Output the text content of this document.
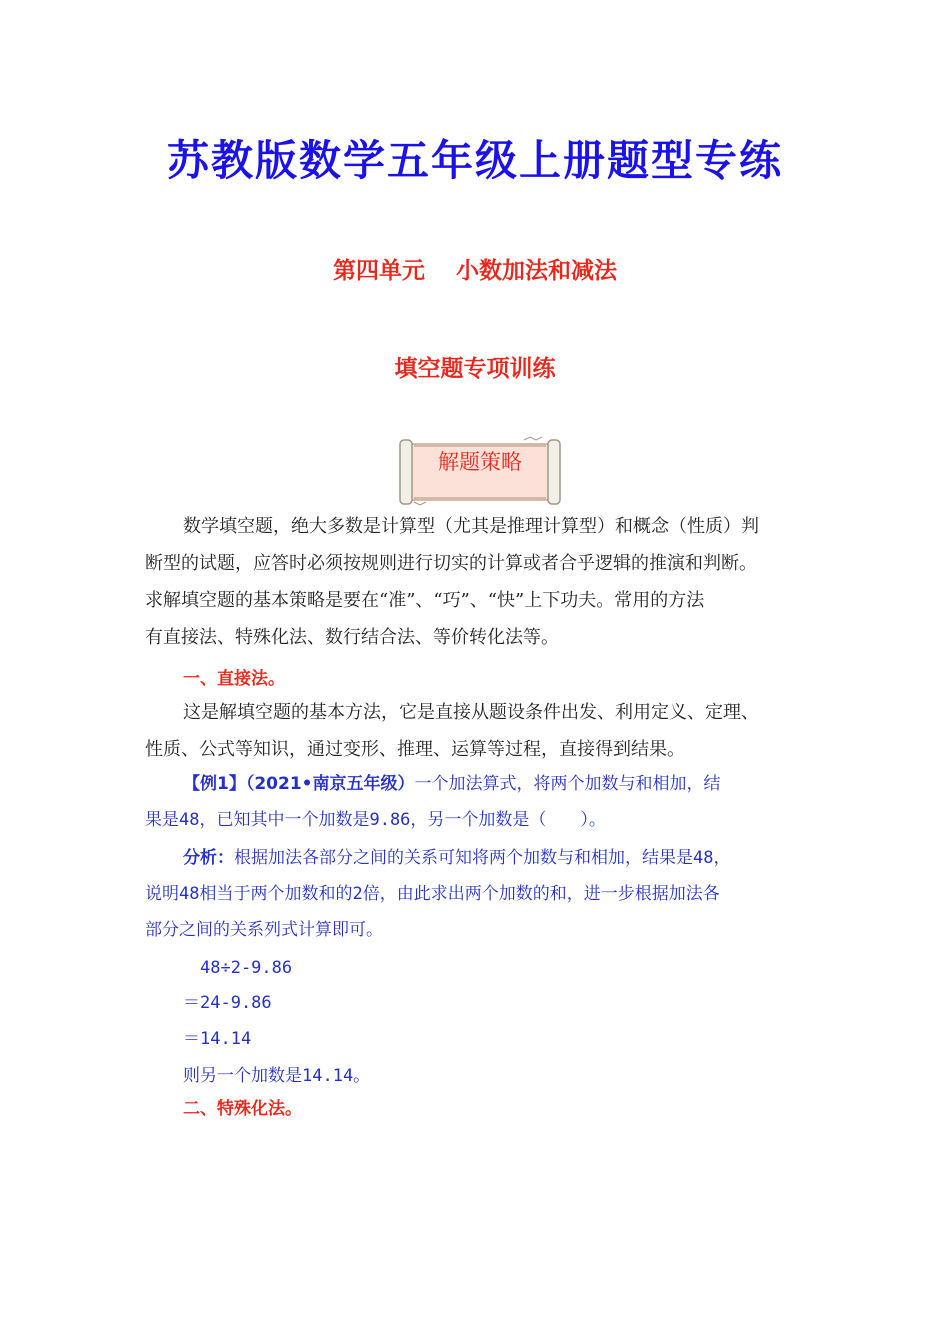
苏教版数学五年级上册题型专练
第四单元　 小数加法和减法
填空题专项训练
解题策略
数学填空题，绝大多数是计算型（尤其是推理计算型）和概念（性质）判
断型的试题，应答时必须按规则进行切实的计算或者合乎逻辑的推演和判断。
求解填空题的基本策略是要在“准”、“巧”、“快”上下功夫。常用的方法
有直接法、特殊化法、数行结合法、等价转化法等。
一、直接法。
这是解填空题的基本方法，它是直接从题设条件出发、利用定义、定理、
性质、公式等知识，通过变形、推理、运算等过程，直接得到结果。
【例1】（2021•南京五年级）一个加法算式，将两个加数与和相加，结
果是48，已知其中一个加数是9.86，另一个加数是（　　）。
分析：根据加法各部分之间的关系可知将两个加数与和相加，结果是48，
说明48相当于两个加数和的2倍，由此求出两个加数的和，进一步根据加法各
部分之间的关系列式计算即可。
48÷2-9.86
＝24-9.86
＝14.14
则另一个加数是14.14。
二、特殊化法。
